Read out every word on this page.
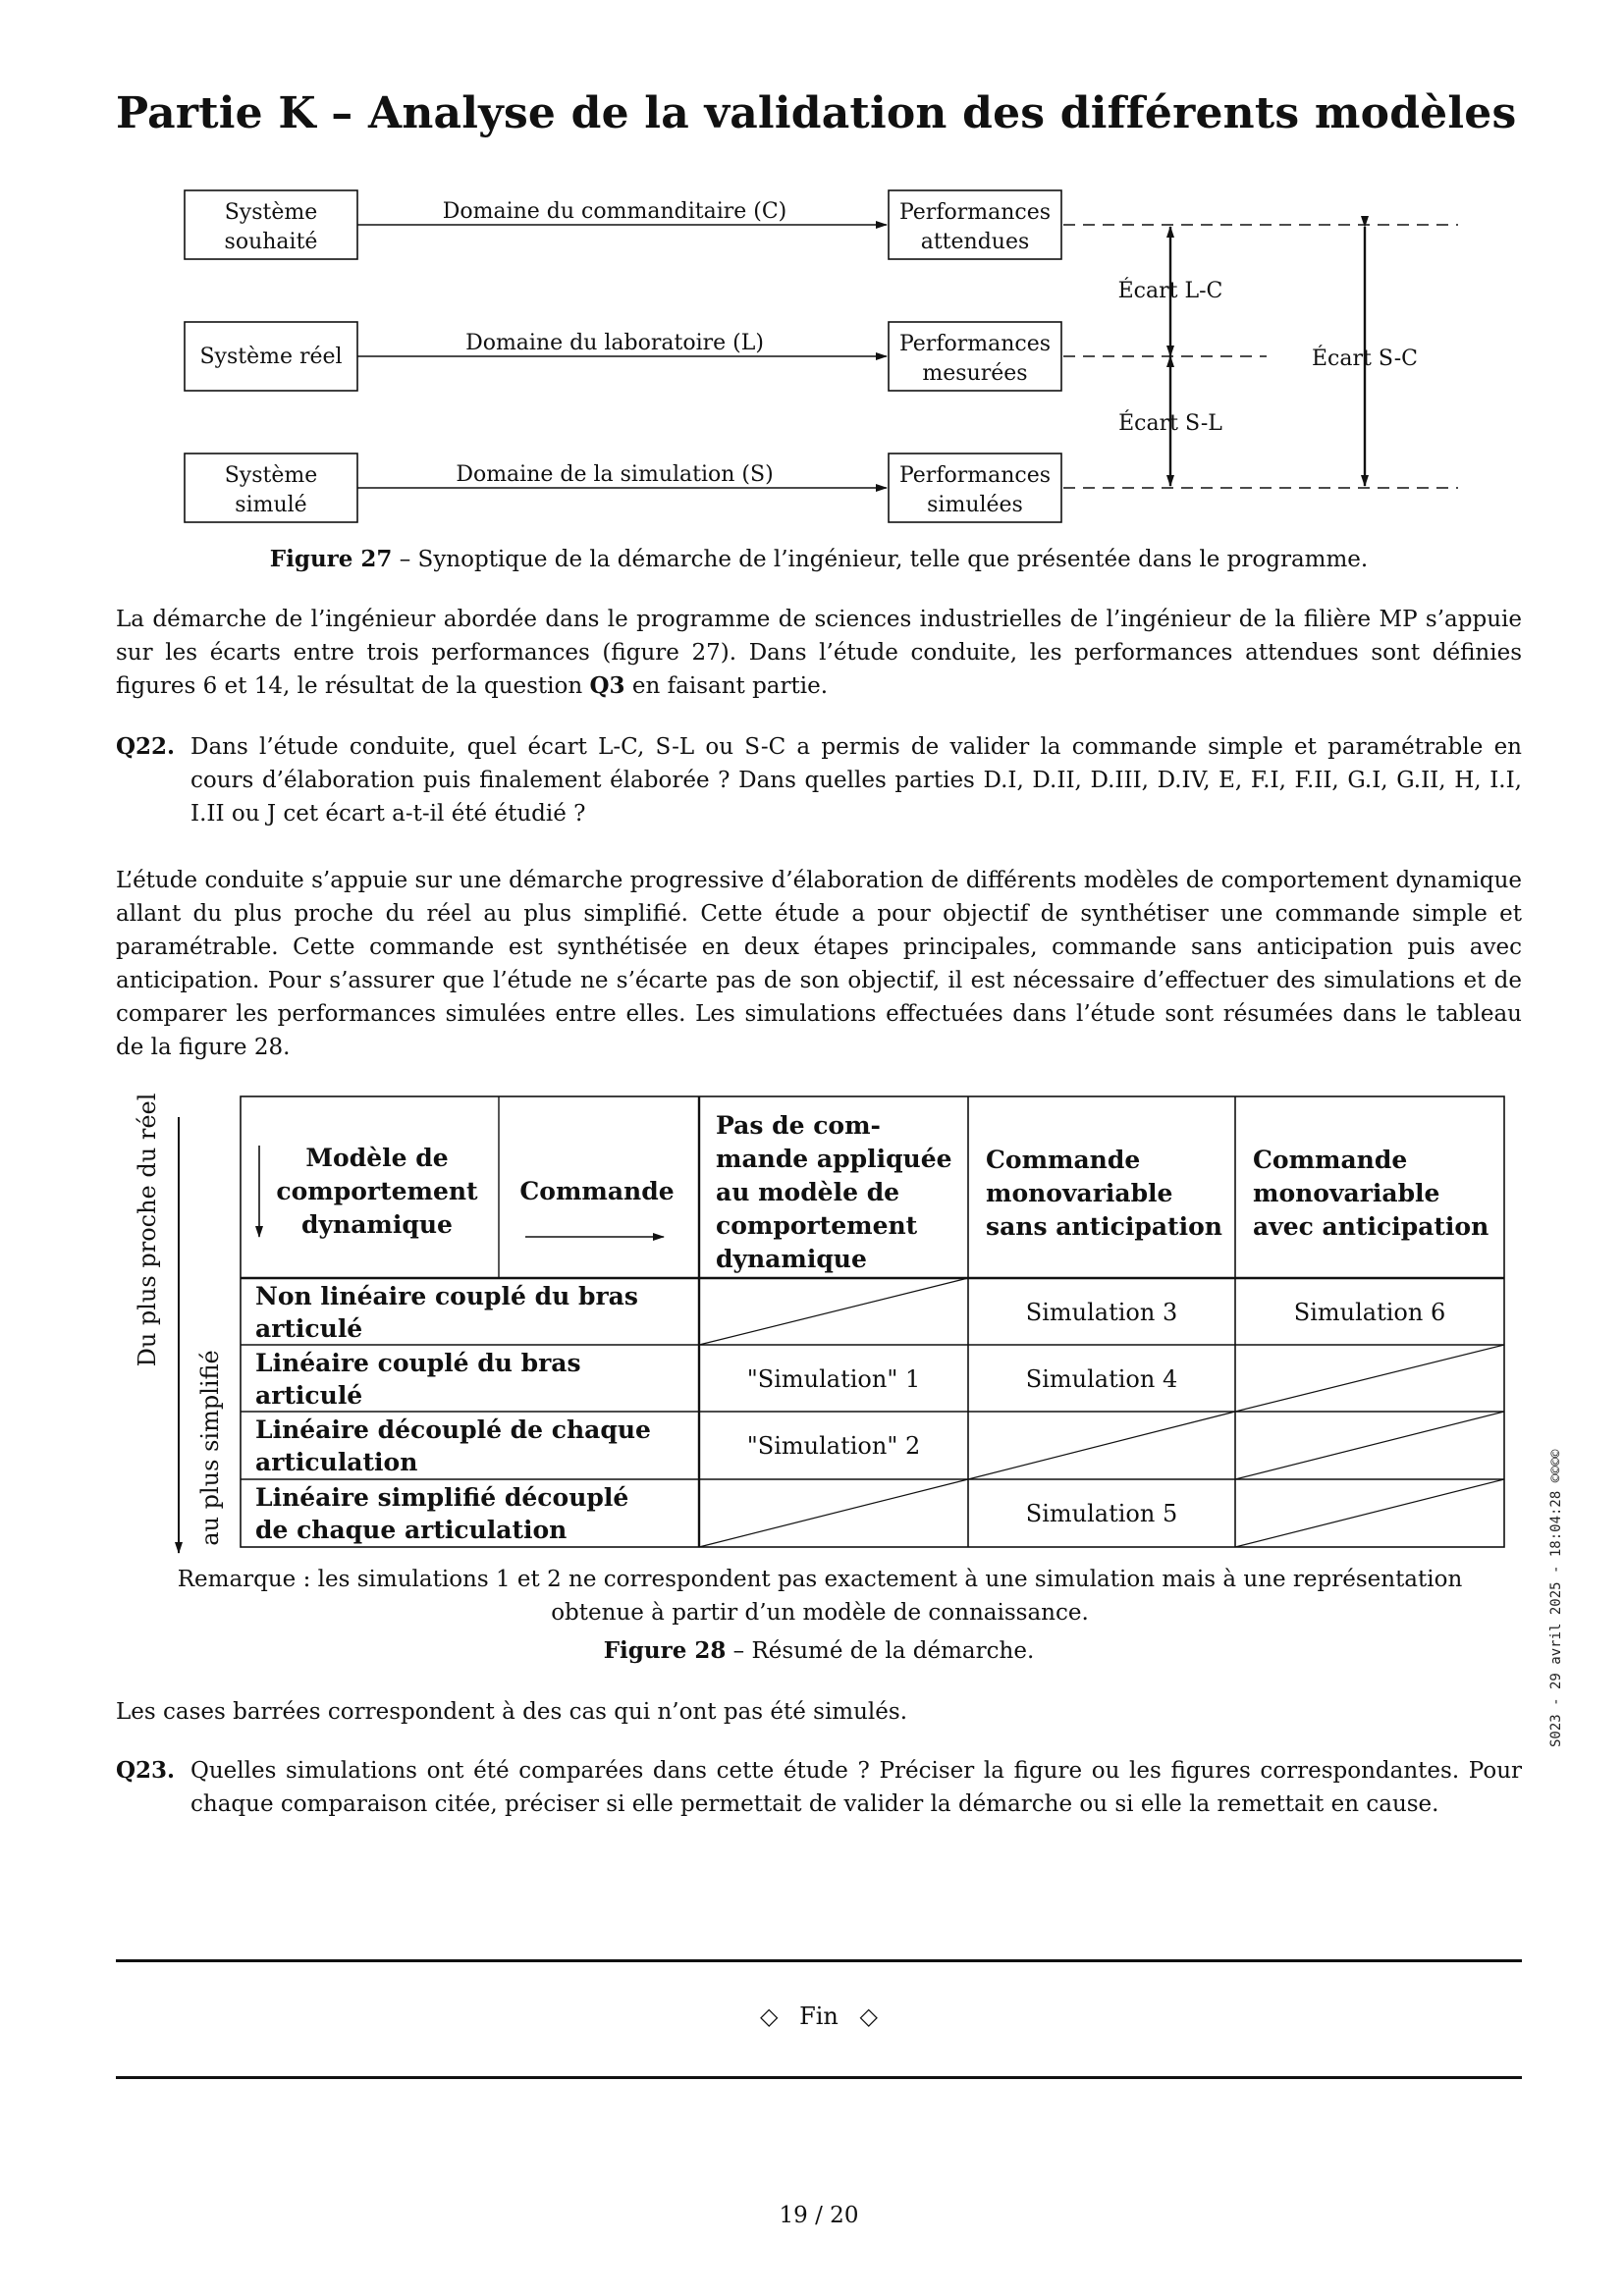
Partie K – Analyse de la validation des différents modèles
Système
souhaité
Système réel
Système
simulé
Domaine du commanditaire (C)
Domaine du laboratoire (L)
Domaine de la simulation (S)
Performances
attendues
Performances
mesurées
Performances
simulées
Écart L-C
Écart S-L
Écart S-C

Figure 27 – Synoptique de la démarche de l’ingénieur, telle que présentée dans le programme.

La démarche de l’ingénieur abordée dans le programme de sciences industrielles de l’ingénieur de la filière MP s’appuie sur les écarts entre trois performances (figure 27). Dans l’étude conduite, les performances attendues sont définies figures 6 et 14, le résultat de la question Q3 en faisant partie.

Q22. Dans l’étude conduite, quel écart L-C, S-L ou S-C a permis de valider la commande simple et paramétrable en cours d’élaboration puis finalement élaborée ? Dans quelles parties D.I, D.II, D.III, D.IV, E, F.I, F.II, G.I, G.II, H, I.I, I.II ou J cet écart a-t-il été étudié ?

L’étude conduite s’appuie sur une démarche progressive d’élaboration de différents modèles de comportement dynamique allant du plus proche du réel au plus simplifié. Cette étude a pour objectif de synthétiser une commande simple et paramétrable. Cette commande est synthétisée en deux étapes principales, commande sans anticipation puis avec anticipation. Pour s’assurer que l’étude ne s’écarte pas de son objectif, il est nécessaire d’effectuer des simulations et de comparer les performances simulées entre elles. Les simulations effectuées dans l’étude sont résumées dans le tableau de la figure 28.

Du plus proche du réel
au plus simplifié
Modèle de
comportement
dynamique
Commande
Pas de com-
mande appliquée
au modèle de
comportement
dynamique
Commande
monovariable
sans anticipation
Commande
monovariable
avec anticipation
Non linéaire couplé du bras
articulé
Linéaire couplé du bras
articulé
Linéaire découplé de chaque
articulation
Linéaire simplifié découplé
de chaque articulation
Simulation 3	Simulation 6
"Simulation" 1	Simulation 4
"Simulation" 2
Simulation 5

Remarque : les simulations 1 et 2 ne correspondent pas exactement à une simulation mais à une représentation obtenue à partir d’un modèle de connaissance.

Figure 28 – Résumé de la démarche.

Les cases barrées correspondent à des cas qui n’ont pas été simulés.

Q23. Quelles simulations ont été comparées dans cette étude ? Préciser la figure ou les figures correspondantes. Pour chaque comparaison citée, préciser si elle permettait de valider la démarche ou si elle la remettait en cause.

◇ Fin ◇

19 / 20

S023 - 29 avril 2025 - 18:04:28 ©©©©
